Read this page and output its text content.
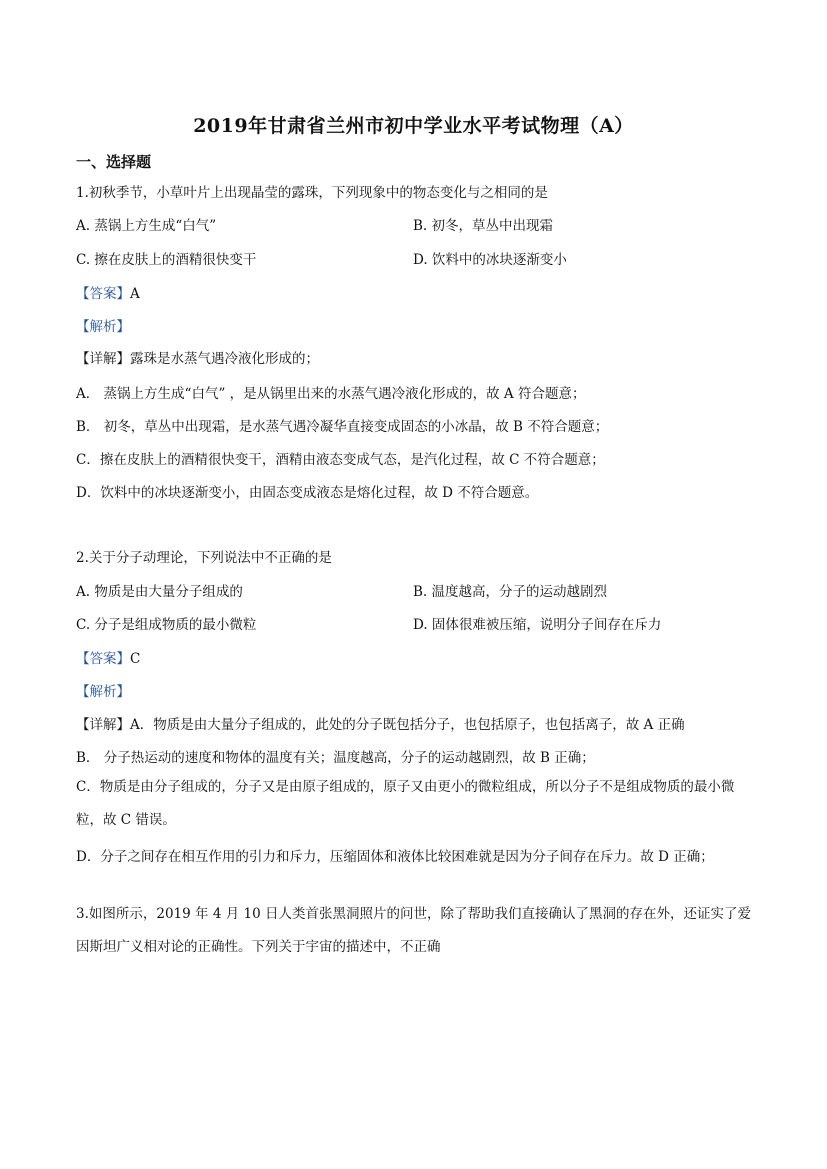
2019年甘肃省兰州市初中学业水平考试物理（A）
一、选择题
1.初秋季节，小草叶片上出现晶莹的露珠，下列现象中的物态变化与之相同的是
A. 蒸锅上方生成“白气”	B. 初冬，草丛中出现霜
C. 擦在皮肤上的酒精很快变干	D. 饮料中的冰块逐渐变小
【答案】A
【解析】
【详解】露珠是水蒸气遇冷液化形成的；
A． 蒸锅上方生成“白气” ，是从锅里出来的水蒸气遇冷液化形成的，故 A 符合题意；
B． 初冬，草丛中出现霜，是水蒸气遇冷凝华直接变成固态的小冰晶，故 B 不符合题意；
C．擦在皮肤上的酒精很快变干，酒精由液态变成气态，是汽化过程，故 C 不符合题意；
D．饮料中的冰块逐渐变小，由固态变成液态是熔化过程，故 D 不符合题意。
2.关于分子动理论，下列说法中不正确的是
A. 物质是由大量分子组成的	B. 温度越高，分子的运动越剧烈
C. 分子是组成物质的最小微粒	D. 固体很难被压缩，说明分子间存在斥力
【答案】C
【解析】
【详解】A．物质是由大量分子组成的，此处的分子既包括分子，也包括原子，也包括离子，故 A 正确
B． 分子热运动的速度和物体的温度有关；温度越高，分子的运动越剧烈，故 B 正确；
C．物质是由分子组成的，分子又是由原子组成的，原子又由更小的微粒组成，所以分子不是组成物质的最小微粒，故 C 错误。
D．分子之间存在相互作用的引力和斥力，压缩固体和液体比较困难就是因为分子间存在斥力。故 D 正确；
3.如图所示，2019 年 4 月 10 日人类首张黑洞照片的问世，除了帮助我们直接确认了黑洞的存在外，还证实了爱因斯坦广义相对论的正确性。下列关于宇宙的描述中，不正确
